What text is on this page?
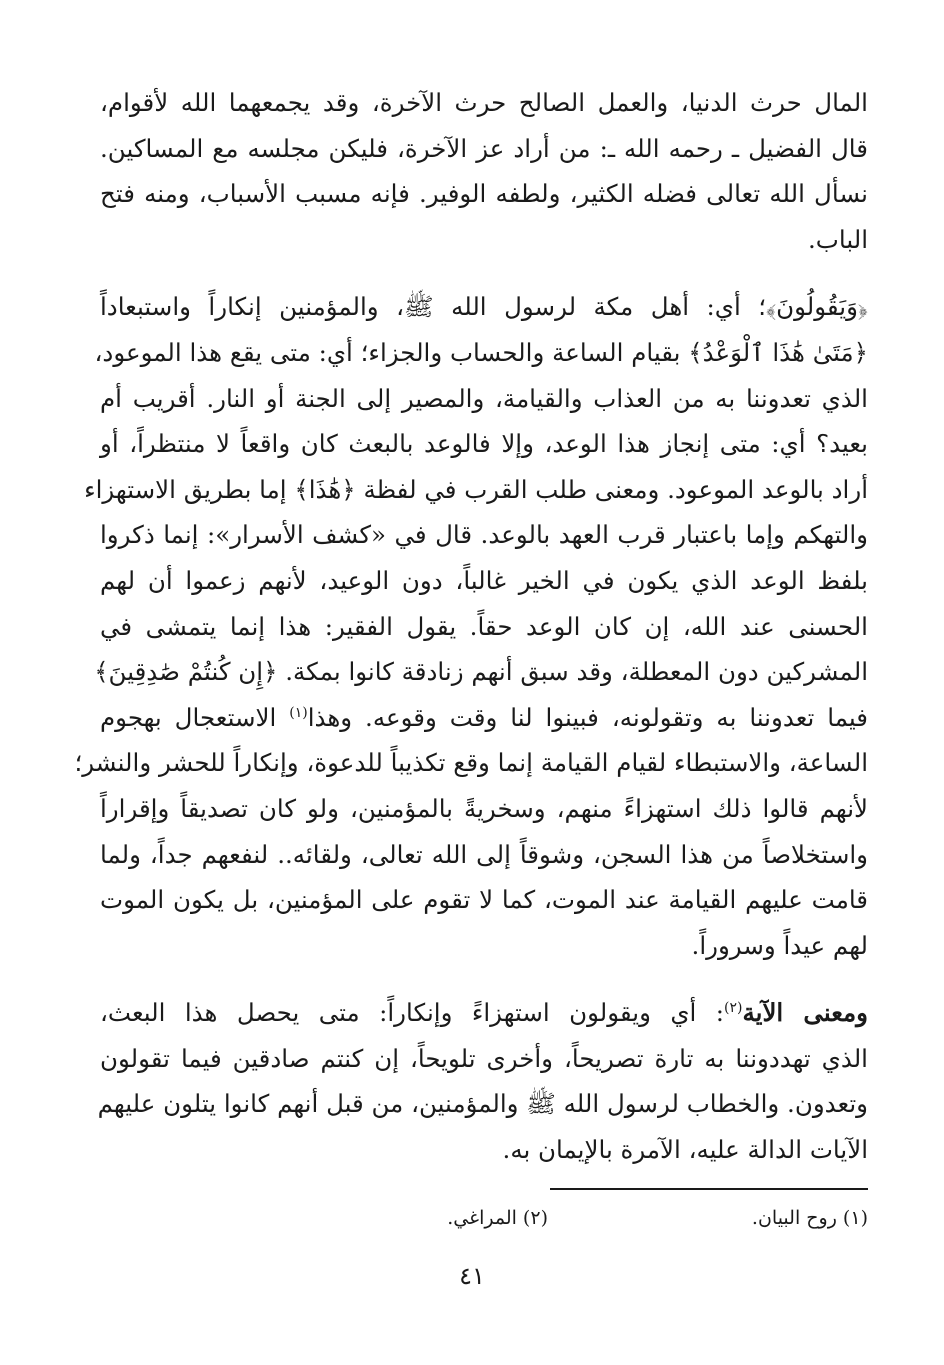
المال حرث الدنيا، والعمل الصالح حرث الآخرة، وقد يجمعهما الله لأقوام،
قال الفضيل ـ رحمه الله ـ: من أراد عز الآخرة، فليكن مجلسه مع المساكين.
نسأل الله تعالى فضله الكثير، ولطفه الوفير. فإنه مسبب الأسباب، ومنه فتح
الباب.

﴿وَيَقُولُونَ﴾؛ أي: أهل مكة لرسول الله ﷺ، والمؤمنين إنكاراً واستبعاداً
﴿مَتَىٰ هَٰذَا ٱلْوَعْدُ﴾ بقيام الساعة والحساب والجزاء؛ أي: متى يقع هذا الموعود،
الذي تعدوننا به من العذاب والقيامة، والمصير إلى الجنة أو النار. أقريب أم
بعيد؟ أي: متى إنجاز هذا الوعد، وإلا فالوعد بالبعث كان واقعاً لا منتظراً، أو
أراد بالوعد الموعود. ومعنى طلب القرب في لفظة ﴿هَٰذَا﴾ إما بطريق الاستهزاء
والتهكم وإما باعتبار قرب العهد بالوعد. قال في «كشف الأسرار»: إنما ذكروا
بلفظ الوعد الذي يكون في الخير غالباً، دون الوعيد، لأنهم زعموا أن لهم
الحسنى عند الله، إن كان الوعد حقاً. يقول الفقير: هذا إنما يتمشى في
المشركين دون المعطلة، وقد سبق أنهم زنادقة كانوا بمكة. ﴿إِن كُنتُمْ صَٰدِقِينَ﴾
فيما تعدوننا به وتقولونه، فبينوا لنا وقت وقوعه. وهذا$^{(١)}$ الاستعجال بهجوم
الساعة، والاستبطاء لقيام القيامة إنما وقع تكذيباً للدعوة، وإنكاراً للحشر والنشر؛
لأنهم قالوا ذلك استهزاءً منهم، وسخريةً بالمؤمنين، ولو كان تصديقاً وإقراراً
واستخلاصاً من هذا السجن، وشوقاً إلى الله تعالى، ولقائه.. لنفعهم جداً، ولما
قامت عليهم القيامة عند الموت، كما لا تقوم على المؤمنين، بل يكون الموت
لهم عيداً وسروراً.

ومعنى الآية$^{(٢)}$: أي ويقولون استهزاءً وإنكاراً: متى يحصل هذا البعث،
الذي تهددوننا به تارة تصريحاً، وأخرى تلويحاً، إن كنتم صادقين فيما تقولون
وتعدون. والخطاب لرسول الله ﷺ والمؤمنين، من قبل أنهم كانوا يتلون عليهم
الآيات الدالة عليه، الآمرة بالإيمان به.

(١) روح البيان.
(٢) المراغي.
٤١
